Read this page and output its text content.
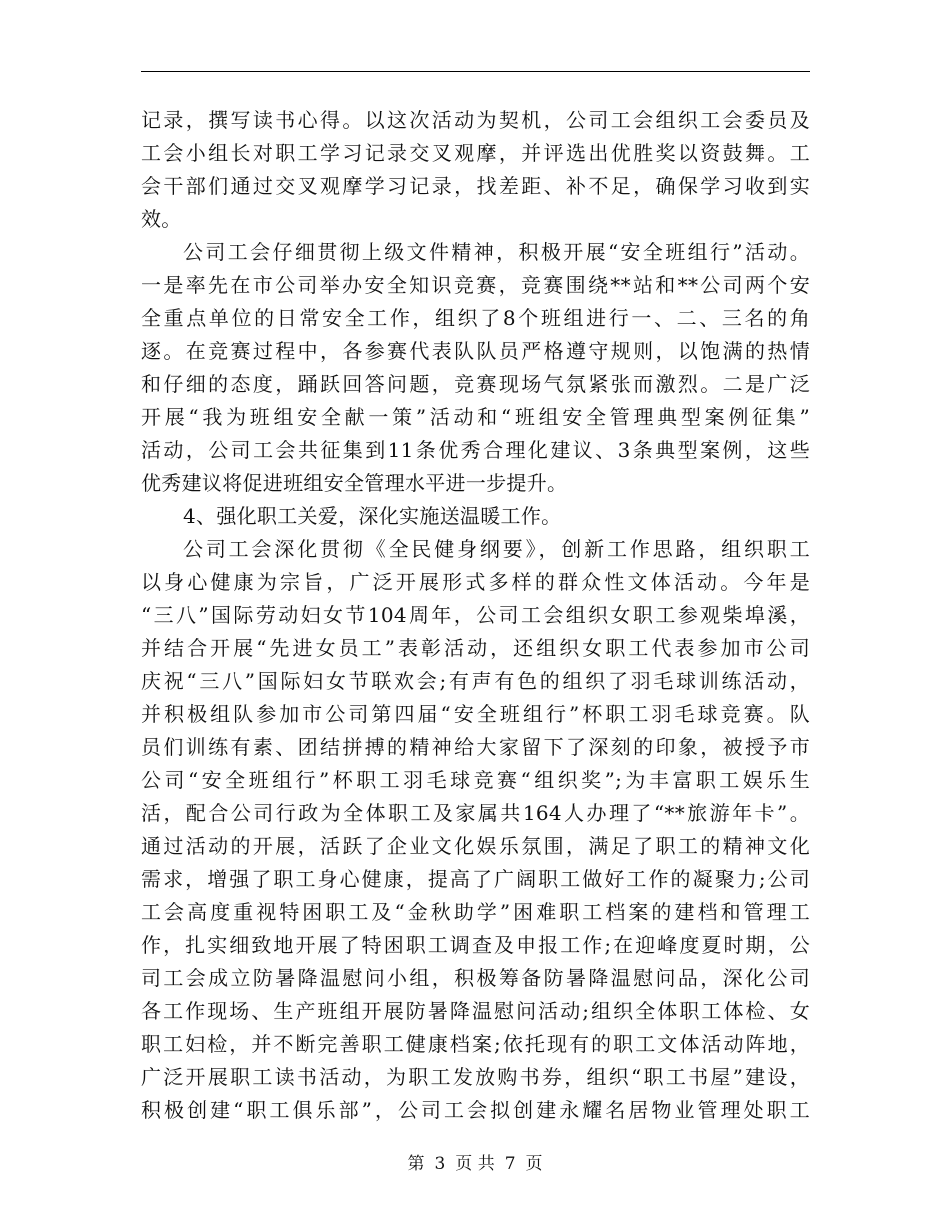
记录，撰写读书心得。以这次活动为契机，公司工会组织工会委员及
工会小组长对职工学习记录交叉观摩，并评选出优胜奖以资鼓舞。工
会干部们通过交叉观摩学习记录，找差距、补不足，确保学习收到实
效。
公司工会仔细贯彻上级文件精神，积极开展“安全班组行”活动。
一是率先在市公司举办安全知识竞赛，竞赛围绕**站和**公司两个安
全重点单位的日常安全工作，组织了8个班组进行一、二、三名的角
逐。在竞赛过程中，各参赛代表队队员严格遵守规则，以饱满的热情
和仔细的态度，踊跃回答问题，竞赛现场气氛紧张而激烈。二是广泛
开展“我为班组安全献一策”活动和“班组安全管理典型案例征集”
活动，公司工会共征集到11条优秀合理化建议、3条典型案例，这些
优秀建议将促进班组安全管理水平进一步提升。
4、强化职工关爱，深化实施送温暖工作。
公司工会深化贯彻《全民健身纲要》，创新工作思路，组织职工
以身心健康为宗旨，广泛开展形式多样的群众性文体活动。今年是
“三八”国际劳动妇女节104周年，公司工会组织女职工参观柴埠溪，
并结合开展“先进女员工”表彰活动，还组织女职工代表参加市公司
庆祝“三八”国际妇女节联欢会;有声有色的组织了羽毛球训练活动，
并积极组队参加市公司第四届“安全班组行”杯职工羽毛球竞赛。队
员们训练有素、团结拼搏的精神给大家留下了深刻的印象，被授予市
公司“安全班组行”杯职工羽毛球竞赛“组织奖”;为丰富职工娱乐生
活，配合公司行政为全体职工及家属共164人办理了“**旅游年卡”。
通过活动的开展，活跃了企业文化娱乐氛围，满足了职工的精神文化
需求，增强了职工身心健康，提高了广阔职工做好工作的凝聚力;公司
工会高度重视特困职工及“金秋助学”困难职工档案的建档和管理工
作，扎实细致地开展了特困职工调查及申报工作;在迎峰度夏时期，公
司工会成立防暑降温慰问小组，积极筹备防暑降温慰问品，深化公司
各工作现场、生产班组开展防暑降温慰问活动;组织全体职工体检、女
职工妇检，并不断完善职工健康档案;依托现有的职工文体活动阵地，
广泛开展职工读书活动，为职工发放购书券，组织“职工书屋”建设，
积极创建“职工俱乐部”，公司工会拟创建永耀名居物业管理处职工
第 3 页 共 7 页
